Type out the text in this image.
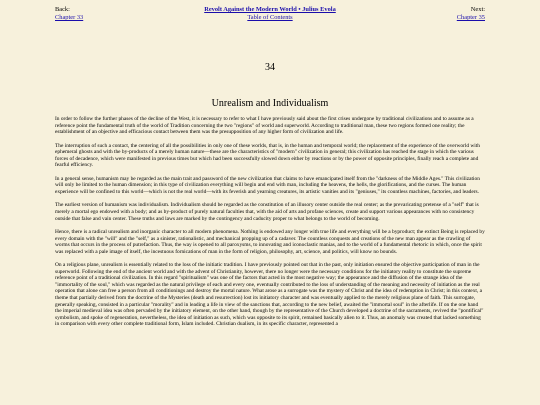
Back:
Chapter 33
Revolt Against the Modern World • Julius Evola
Table of Contents
Next:
Chapter 35
34
Unrealism and Individualism

In order to follow the further phases of the decline of the West, it is necessary to refer to what I have previously said about the first crises undergone by traditional civilizations and to assume as a reference point the fundamental truth of the world of Tradition concerning the two "regions" of world and superworld. According to traditional man, these two regions formed one reality; the establishment of an objective and efficacious contact between them was the presupposition of any higher form of civilization and life.

The interruption of such a contact, the centering of all the possibilities in only one of these worlds, that is, in the human and temporal world; the replacement of the experience of the overworld with ephemeral ghosts and with the by-products of a merely human nature—these are the characteristics of "modern" civilization in general; this civilization has reached the stage in which the various forces of decadence, which were manifested in previous times but which had been successfully slowed down either by reactions or by the power of opposite principles, finally reach a complete and fearful efficiency.

In a general sense, humanism may be regarded as the main trait and password of the new civilization that claims to have emancipated itself from the "darkness of the Middle Ages." This civilization will only be limited to the human dimension; in this type of civilization everything will begin and end with man, including the heavens, the hells, the glorifications, and the curses. The human experience will be confined to this world—which is not the real world—with its feverish and yearning creatures, its artistic vanities and its "geniuses," its countless machines, factories, and leaders.

The earliest version of humanism was individualism. Individualism should be regarded as the constitution of an illusory center outside the real center; as the prevaricating pretense of a "self" that is merely a mortal ego endowed with a body; and as by-product of purely natural faculties that, with the aid of arts and profane sciences, create and support various appearances with no consistency outside that false and vain center. These truths and laws are marked by the contingency and caducity proper to what belongs to the world of becoming.

Hence, there is a radical unrealism and inorganic character to all modern phenomena. Nothing is endowed any longer with true life and everything will be a byproduct; the extinct Being is replaced by every domain with the "will" and the "self," as a sinister, rationalistic, and mechanical propping up of a cadaver. The countless conquests and creations of the new man appear as the crawling of worms that occurs in the process of putrefaction. Thus, the way is opened to all paroxysms, to innovating and iconoclastic manias, and to the world of a fundamental rhetoric in which, once the spirit was replaced with a pale image of itself, the incestuous fornications of man in the form of religion, philosophy, art, science, and politics, will know no bounds.

On a religious plane, unrealism is essentially related to the loss of the initiatic tradition. I have previously pointed out that in the past, only initiation ensured the objective participation of man in the superworld. Following the end of the ancient world and with the advent of Christianity, however, there no longer were the necessary conditions for the initiatory reality to constitute the supreme reference point of a traditional civilization. In this regard "spiritualism" was one of the factors that acted in the most negative way; the appearance and the diffusion of the strange idea of the "immortality of the soul," which was regarded as the natural privilege of each and every one, eventually contributed to the loss of understanding of the meaning and necessity of initiation as the real operation that alone can free a person from all conditionings and destroy the mortal nature. What arose as a surrogate was the mystery of Christ and the idea of redemption in Christ; in this context, a theme that partially derived from the doctrine of the Mysteries (death and resurrection) lost its initiatory character and was eventually applied to the merely religious plane of faith. This surrogate, generally speaking, consisted in a particular "morality" and in leading a life in view of the sanctions that, according to the new belief, awaited the "immortal soul" in the afterlife. If on the one hand the imperial medieval idea was often pervaded by the initiatory element, on the other hand, though by the representative of the Church developed a doctrine of the sacraments, revived the "pontifical" symbolism, and spoke of regeneration, nevertheless, the idea of initiation as such, which was opposite to its spirit, remained basically alien to it. Thus, an anomaly was created that lacked something in comparison with every other complete traditional form, Islam included. Christian dualism, in its specific character, represented a
